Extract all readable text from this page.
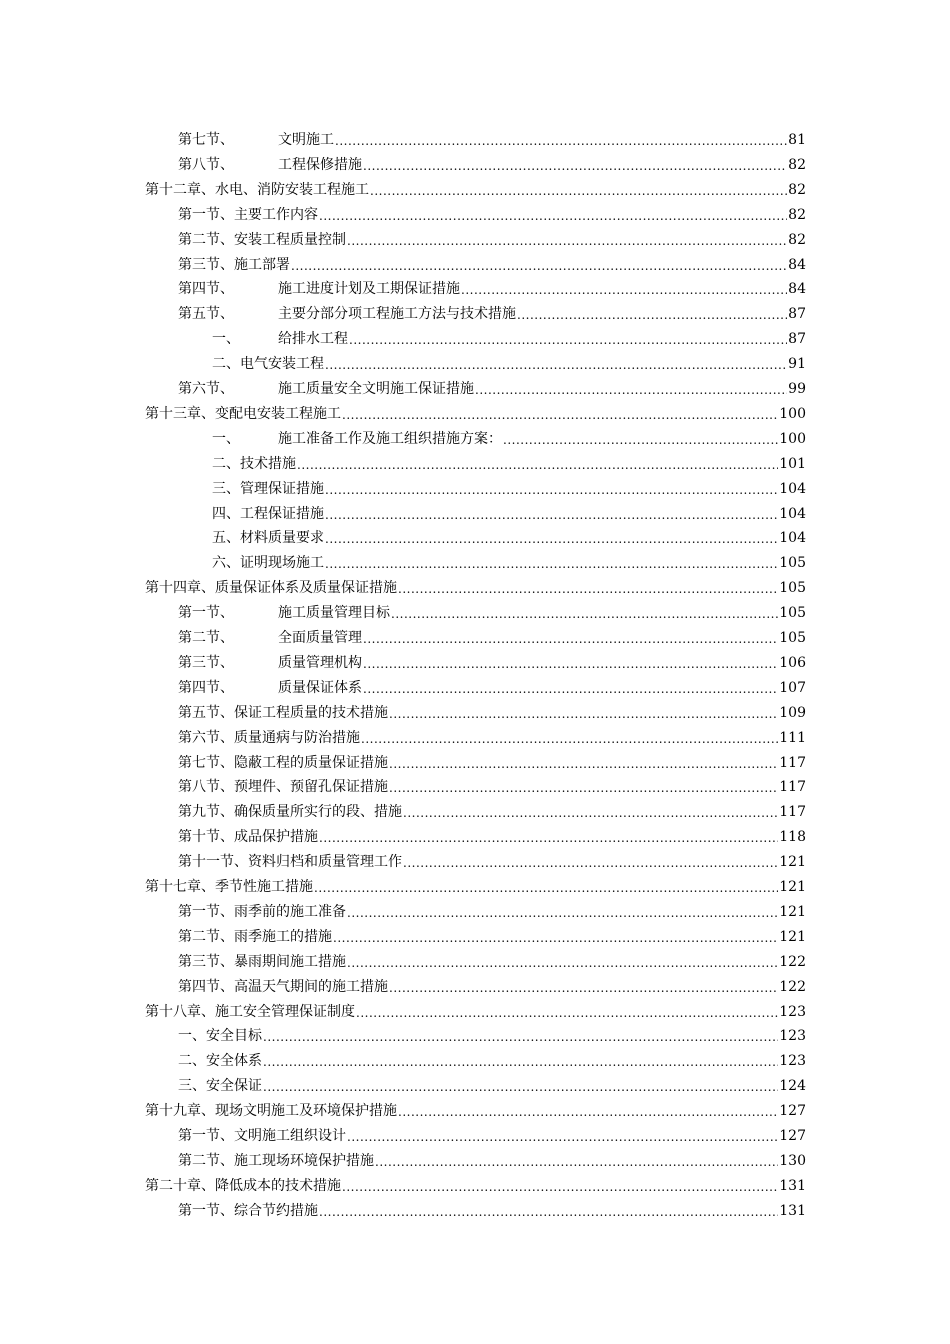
第七节、	文明施工 .....	81
第八节、	工程保修措施 .....	82
第十二章、水电、消防安装工程施工 .....	82
第一节、主要工作内容 .....	82
第二节、安装工程质量控制 .....	82
第三节、施工部署 .....	84
第四节、	施工进度计划及工期保证措施 .....	84
第五节、	主要分部分项工程施工方法与技术措施 .....	87
一、	给排水工程 .....	87
二、电气安装工程 .....	91
第六节、	施工质量安全文明施工保证措施 .....	99
第十三章、变配电安装工程施工 .....	100
一、	施工准备工作及施工组织措施方案： .....	100
二、技术措施 .....	101
三、管理保证措施 .....	104
四、工程保证措施 .....	104
五、材料质量要求 .....	104
六、证明现场施工 .....	105
第十四章、质量保证体系及质量保证措施 .....	105
第一节、	施工质量管理目标 .....	105
第二节、	全面质量管理 .....	105
第三节、	质量管理机构 .....	106
第四节、	质量保证体系 .....	107
第五节、保证工程质量的技术措施 .....	109
第六节、质量通病与防治措施 .....	111
第七节、隐蔽工程的质量保证措施 .....	117
第八节、预埋件、预留孔保证措施 .....	117
第九节、确保质量所实行的段、措施 .....	117
第十节、成品保护措施 .....	118
第十一节、资料归档和质量管理工作 .....	121
第十七章、季节性施工措施 .....	121
第一节、雨季前的施工准备 .....	121
第二节、雨季施工的措施 .....	121
第三节、暴雨期间施工措施 .....	122
第四节、高温天气期间的施工措施 .....	122
第十八章、施工安全管理保证制度 .....	123
一、安全目标 .....	123
二、安全体系 .....	123
三、安全保证 .....	124
第十九章、现场文明施工及环境保护措施 .....	127
第一节、文明施工组织设计 .....	127
第二节、施工现场环境保护措施 .....	130
第二十章、降低成本的技术措施 .....	131
第一节、综合节约措施 .....	131
